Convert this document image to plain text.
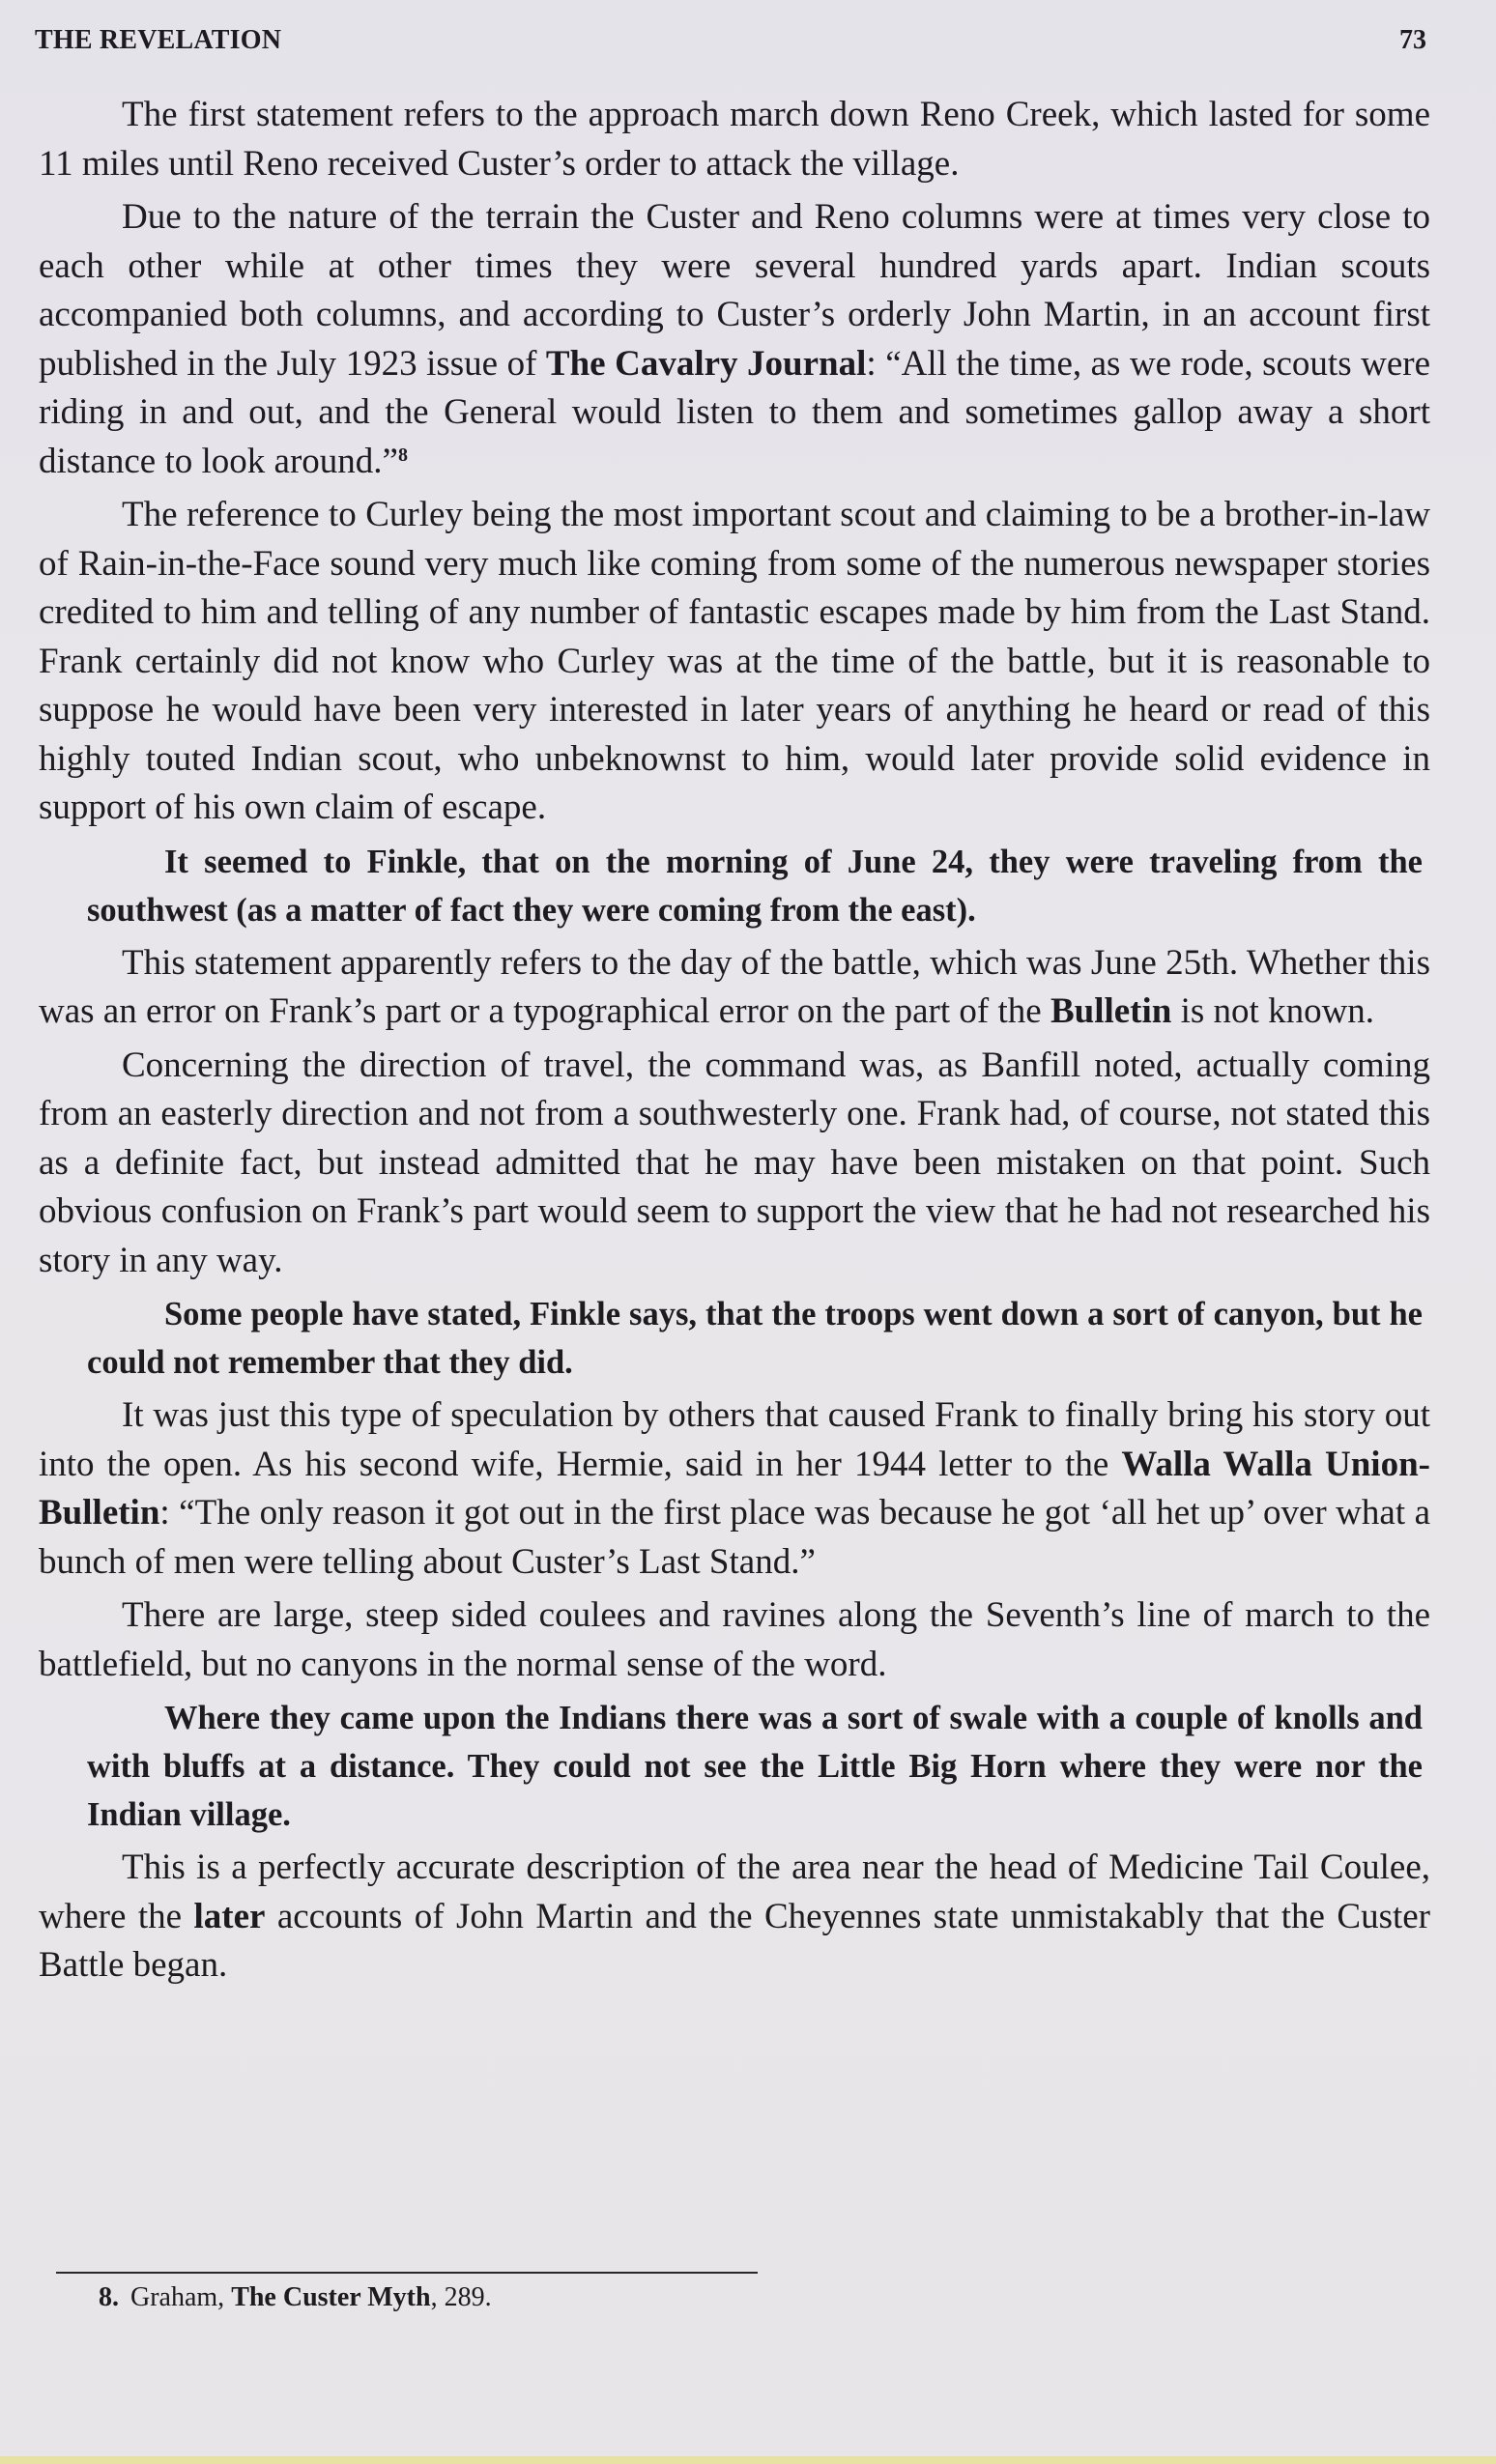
THE REVELATION	73

The first statement refers to the approach march down Reno Creek, which lasted for some 11 miles until Reno received Custer’s order to attack the village.

Due to the nature of the terrain the Custer and Reno columns were at times very close to each other while at other times they were several hundred yards apart. Indian scouts accompanied both columns, and according to Custer’s orderly John Martin, in an account first published in the July 1923 issue of The Cavalry Journal: “All the time, as we rode, scouts were riding in and out, and the General would listen to them and sometimes gallop away a short distance to look around.”$^8$

The reference to Curley being the most important scout and claiming to be a brother-in-law of Rain-in-the-Face sound very much like coming from some of the numerous newspaper stories credited to him and telling of any number of fantastic escapes made by him from the Last Stand. Frank certainly did not know who Curley was at the time of the battle, but it is reasonable to suppose he would have been very interested in later years of anything he heard or read of this highly touted Indian scout, who unbeknownst to him, would later provide solid evidence in support of his own claim of escape.

It seemed to Finkle, that on the morning of June 24, they were traveling from the southwest (as a matter of fact they were coming from the east).

This statement apparently refers to the day of the battle, which was June 25th. Whether this was an error on Frank’s part or a typographical error on the part of the Bulletin is not known.

Concerning the direction of travel, the command was, as Banfill noted, actually coming from an easterly direction and not from a southwesterly one. Frank had, of course, not stated this as a definite fact, but instead admitted that he may have been mistaken on that point. Such obvious confusion on Frank’s part would seem to support the view that he had not researched his story in any way.

Some people have stated, Finkle says, that the troops went down a sort of canyon, but he could not remember that they did.

It was just this type of speculation by others that caused Frank to finally bring his story out into the open. As his second wife, Hermie, said in her 1944 letter to the Walla Walla Union-Bulletin: “The only reason it got out in the first place was because he got ‘all het up’ over what a bunch of men were telling about Custer’s Last Stand.”

There are large, steep sided coulees and ravines along the Seventh’s line of march to the battlefield, but no canyons in the normal sense of the word.

Where they came upon the Indians there was a sort of swale with a couple of knolls and with bluffs at a distance. They could not see the Little Big Horn where they were nor the Indian village.

This is a perfectly accurate description of the area near the head of Medicine Tail Coulee, where the later accounts of John Martin and the Cheyennes state unmistakably that the Custer Battle began.

8. Graham, The Custer Myth, 289.
